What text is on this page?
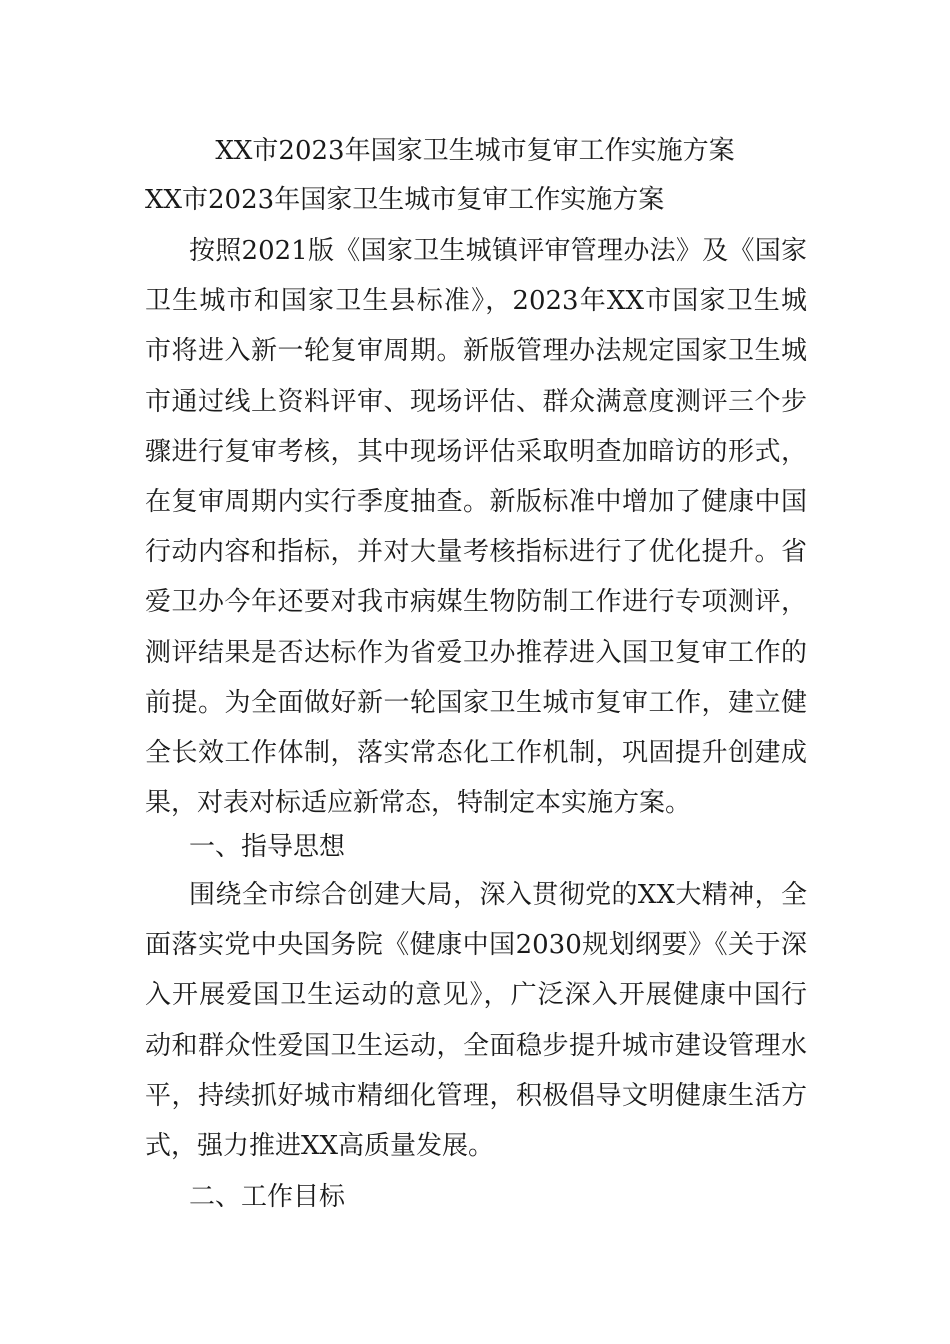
XX市2023年国家卫生城市复审工作实施方案
XX市2023年国家卫生城市复审工作实施方案

按照2021版《国家卫生城镇评审管理办法》及《国家卫生城市和国家卫生县标准》，2023年XX市国家卫生城市将进入新一轮复审周期。新版管理办法规定国家卫生城市通过线上资料评审、现场评估、群众满意度测评三个步骤进行复审考核，其中现场评估采取明查加暗访的形式，在复审周期内实行季度抽查。新版标准中增加了健康中国行动内容和指标，并对大量考核指标进行了优化提升。省爱卫办今年还要对我市病媒生物防制工作进行专项测评，测评结果是否达标作为省爱卫办推荐进入国卫复审工作的前提。为全面做好新一轮国家卫生城市复审工作，建立健全长效工作体制，落实常态化工作机制，巩固提升创建成果，对表对标适应新常态，特制定本实施方案。

一、指导思想

围绕全市综合创建大局，深入贯彻党的XX大精神，全面落实党中央国务院《健康中国2030规划纲要》《关于深入开展爱国卫生运动的意见》，广泛深入开展健康中国行动和群众性爱国卫生运动，全面稳步提升城市建设管理水平，持续抓好城市精细化管理，积极倡导文明健康生活方式，强力推进XX高质量发展。

二、工作目标
